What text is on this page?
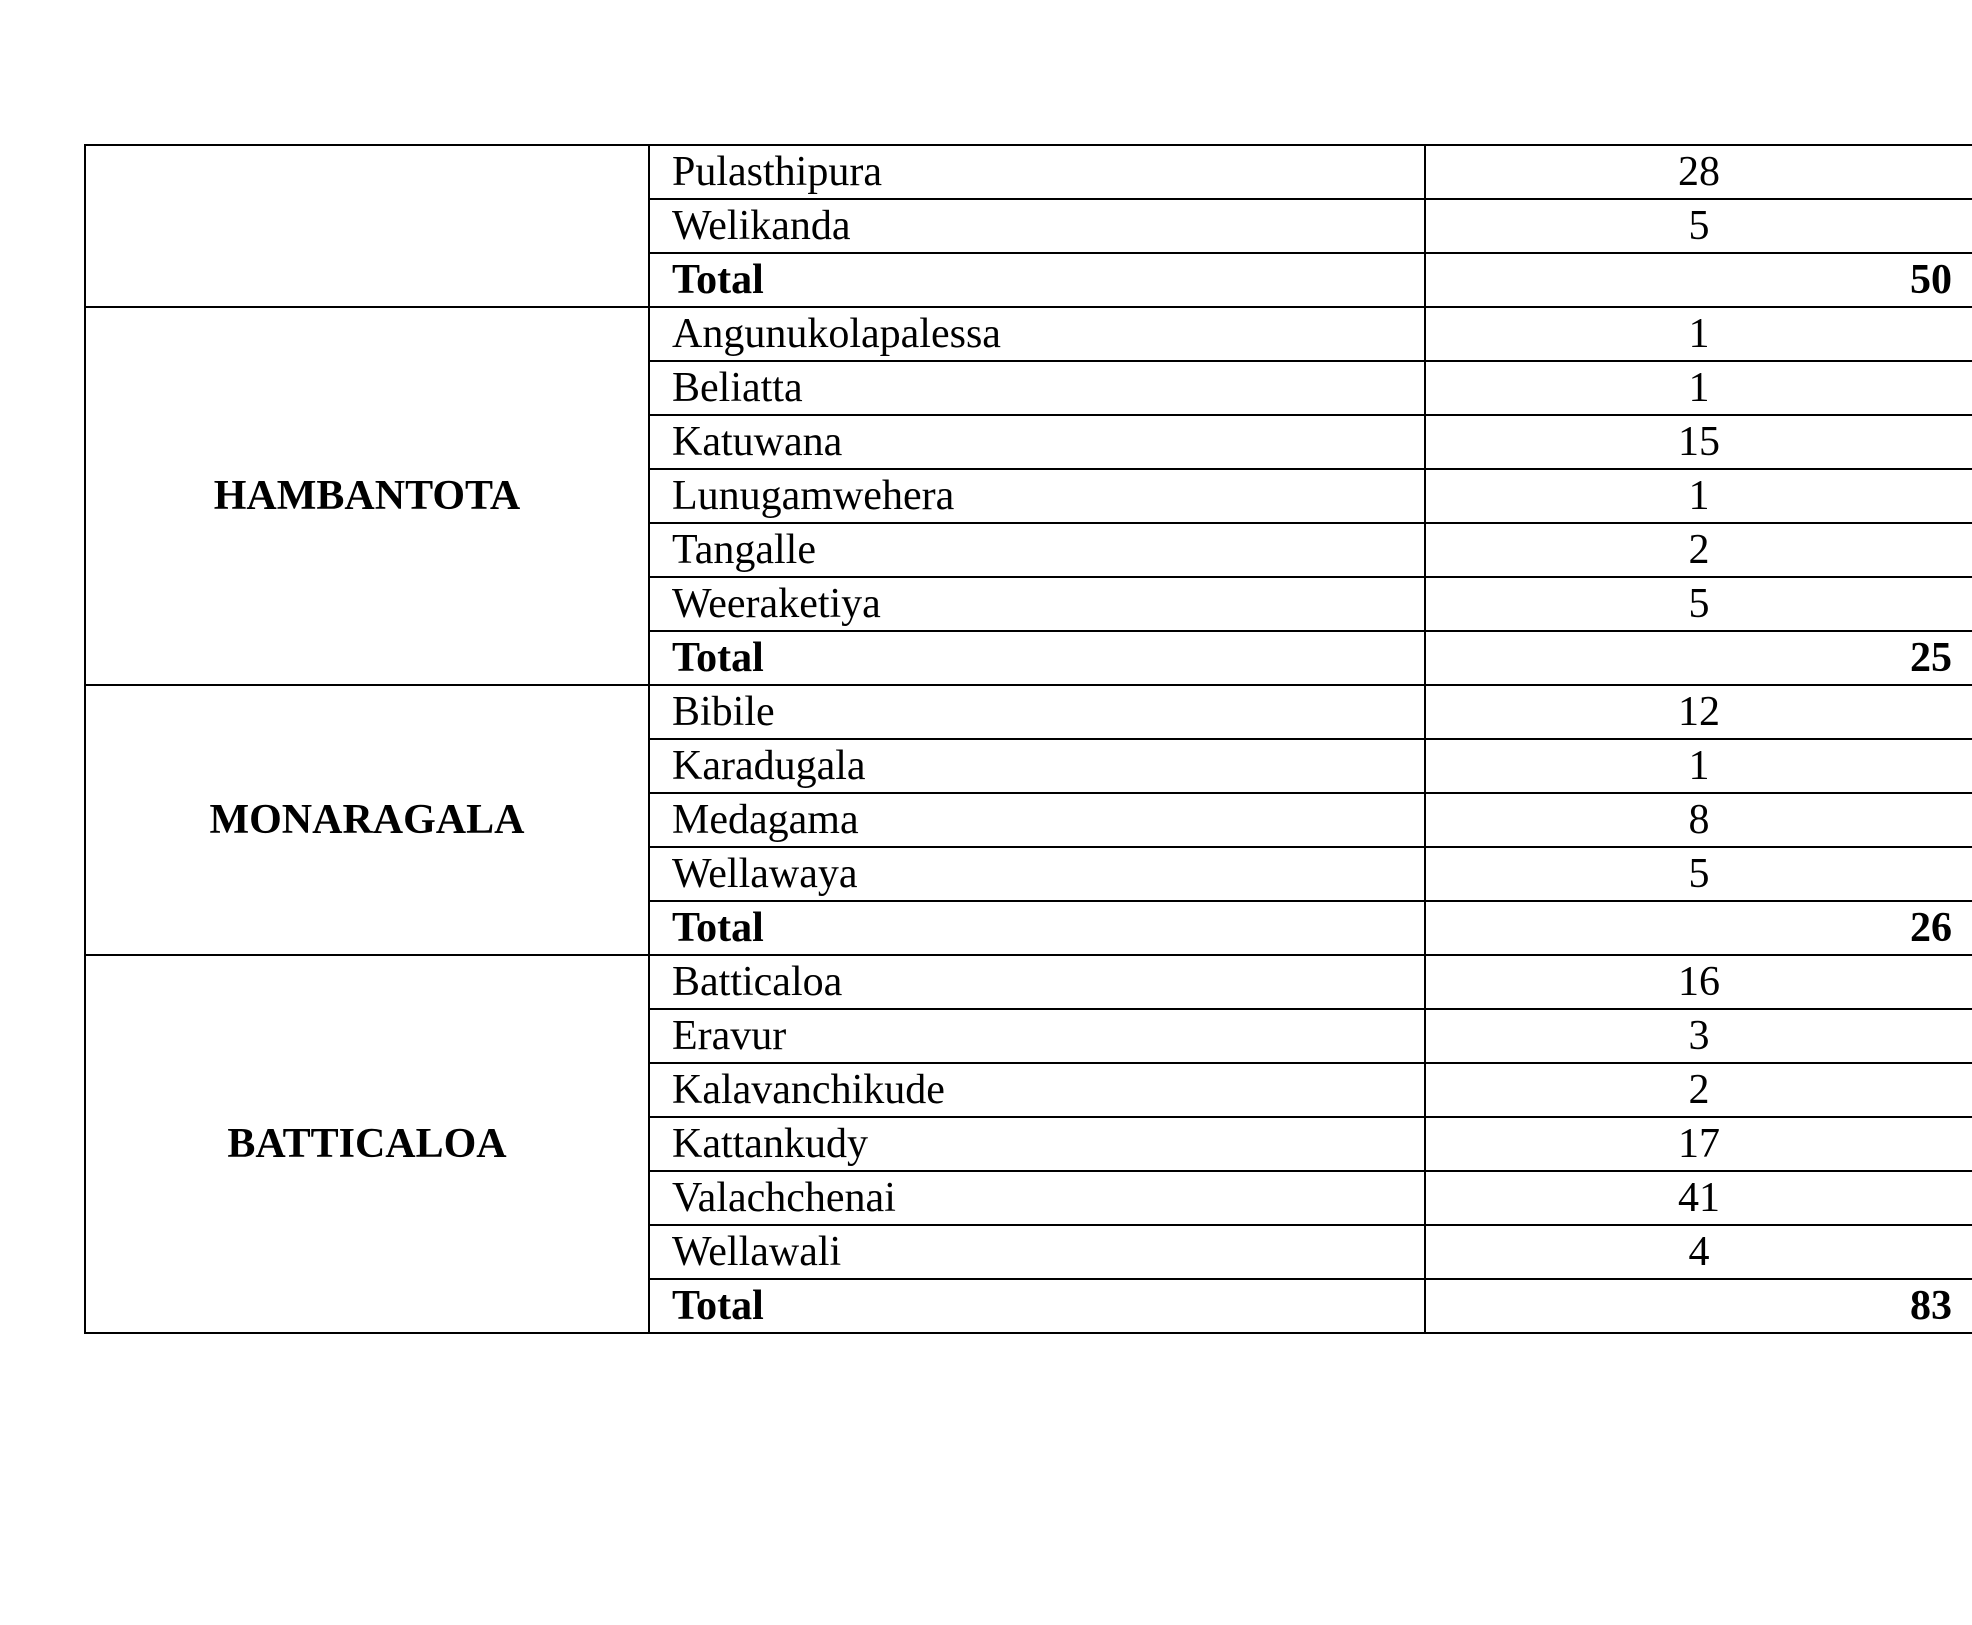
	Pulasthipura	28
	Welikanda	5
	Total	50
HAMBANTOTA	Angunukolapalessa	1
	Beliatta	1
	Katuwana	15
	Lunugamwehera	1
	Tangalle	2
	Weeraketiya	5
	Total	25
MONARAGALA	Bibile	12
	Karadugala	1
	Medagama	8
	Wellawaya	5
	Total	26
BATTICALOA	Batticaloa	16
	Eravur	3
	Kalavanchikude	2
	Kattankudy	17
	Valachchenai	41
	Wellawali	4
	Total	83
